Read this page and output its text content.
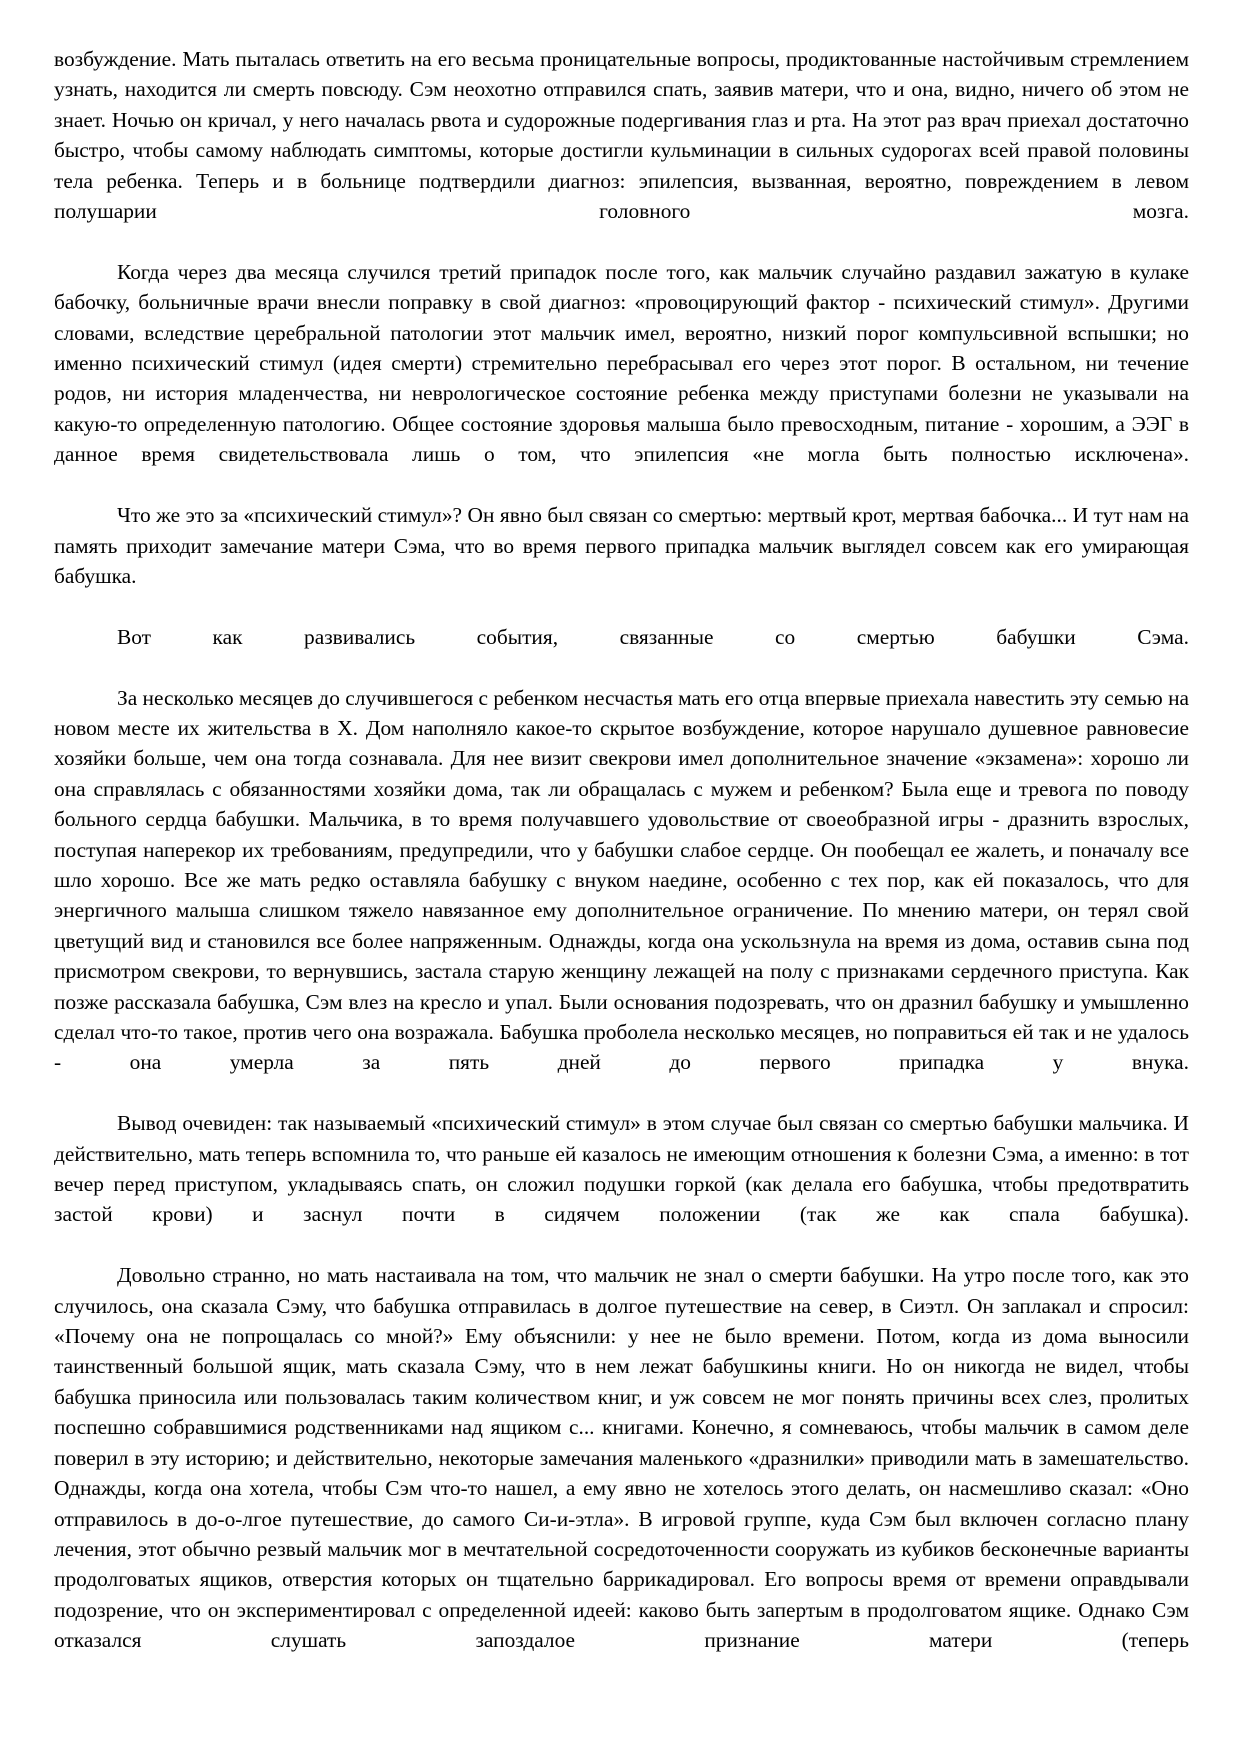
возбуждение. Мать пыталась ответить на его весьма проницательные вопросы, продиктованные настойчивым стремлением узнать, находится ли смерть повсюду. Сэм неохотно отправился спать, заявив матери, что и она, видно, ничего об этом не знает. Ночью он кричал, у него началась рвота и судорожные подергивания глаз и рта. На этот раз врач приехал достаточно быстро, чтобы самому наблюдать симптомы, которые достигли кульминации в сильных судорогах всей правой половины тела ребенка. Теперь и в больнице подтвердили диагноз: эпилепсия, вызванная, вероятно, повреждением в левом полушарии головного мозга.

Когда через два месяца случился третий припадок после того, как мальчик случайно раздавил зажатую в кулаке бабочку, больничные врачи внесли поправку в свой диагноз: «провоцирующий фактор - психический стимул». Другими словами, вследствие церебральной патологии этот мальчик имел, вероятно, низкий порог компульсивной вспышки; но именно психический стимул (идея смерти) стремительно перебрасывал его через этот порог. В остальном, ни течение родов, ни история младенчества, ни неврологическое состояние ребенка между приступами болезни не указывали на какую-то определенную патологию. Общее состояние здоровья малыша было превосходным, питание - хорошим, а ЭЭГ в данное время свидетельствовала лишь о том, что эпилепсия «не могла быть полностью исключена».

Что же это за «психический стимул»? Он явно был связан со смертью: мертвый крот, мертвая бабочка... И тут нам на память приходит замечание матери Сэма, что во время первого припадка мальчик выглядел совсем как его умирающая бабушка.

Вот как развивались события, связанные со смертью бабушки Сэма.

За несколько месяцев до случившегося с ребенком несчастья мать его отца впервые приехала навестить эту семью на новом месте их жительства в Х. Дом наполняло какое-то скрытое возбуждение, которое нарушало душевное равновесие хозяйки больше, чем она тогда сознавала. Для нее визит свекрови имел дополнительное значение «экзамена»: хорошо ли она справлялась с обязанностями хозяйки дома, так ли обращалась с мужем и ребенком? Была еще и тревога по поводу больного сердца бабушки. Мальчика, в то время получавшего удовольствие от своеобразной игры - дразнить взрослых, поступая наперекор их требованиям, предупредили, что у бабушки слабое сердце. Он пообещал ее жалеть, и поначалу все шло хорошо. Все же мать редко оставляла бабушку с внуком наедине, особенно с тех пор, как ей показалось, что для энергичного малыша слишком тяжело навязанное ему дополнительное ограничение. По мнению матери, он терял свой цветущий вид и становился все более напряженным. Однажды, когда она ускользнула на время из дома, оставив сына под присмотром свекрови, то вернувшись, застала старую женщину лежащей на полу с признаками сердечного приступа. Как позже рассказала бабушка, Сэм влез на кресло и упал. Были основания подозревать, что он дразнил бабушку и умышленно сделал что-то такое, против чего она возражала. Бабушка проболела несколько месяцев, но поправиться ей так и не удалось - она умерла за пять дней до первого припадка у внука.

Вывод очевиден: так называемый «психический стимул» в этом случае был связан со смертью бабушки мальчика. И действительно, мать теперь вспомнила то, что раньше ей казалось не имеющим отношения к болезни Сэма, а именно: в тот вечер перед приступом, укладываясь спать, он сложил подушки горкой (как делала его бабушка, чтобы предотвратить застой крови) и заснул почти в сидячем положении (так же как спала бабушка).

Довольно странно, но мать настаивала на том, что мальчик не знал о смерти бабушки. На утро после того, как это случилось, она сказала Сэму, что бабушка отправилась в долгое путешествие на север, в Сиэтл. Он заплакал и спросил: «Почему она не попрощалась со мной?» Ему объяснили: у нее не было времени. Потом, когда из дома выносили таинственный большой ящик, мать сказала Сэму, что в нем лежат бабушкины книги. Но он никогда не видел, чтобы бабушка приносила или пользовалась таким количеством книг, и уж совсем не мог понять причины всех слез, пролитых поспешно собравшимися родственниками над ящиком с... книгами. Конечно, я сомневаюсь, чтобы мальчик в самом деле поверил в эту историю; и действительно, некоторые замечания маленького «дразнилки» приводили мать в замешательство. Однажды, когда она хотела, чтобы Сэм что-то нашел, а ему явно не хотелось этого делать, он насмешливо сказал: «Оно отправилось в до-о-лгое путешествие, до самого Си-и-этла». В игровой группе, куда Сэм был включен согласно плану лечения, этот обычно резвый мальчик мог в мечтательной сосредоточенности сооружать из кубиков бесконечные варианты продолговатых ящиков, отверстия которых он тщательно баррикадировал. Его вопросы время от времени оправдывали подозрение, что он экспериментировал с определенной идеей: каково быть запертым в продолговатом ящике. Однако Сэм отказался слушать запоздалое признание матери (теперь
